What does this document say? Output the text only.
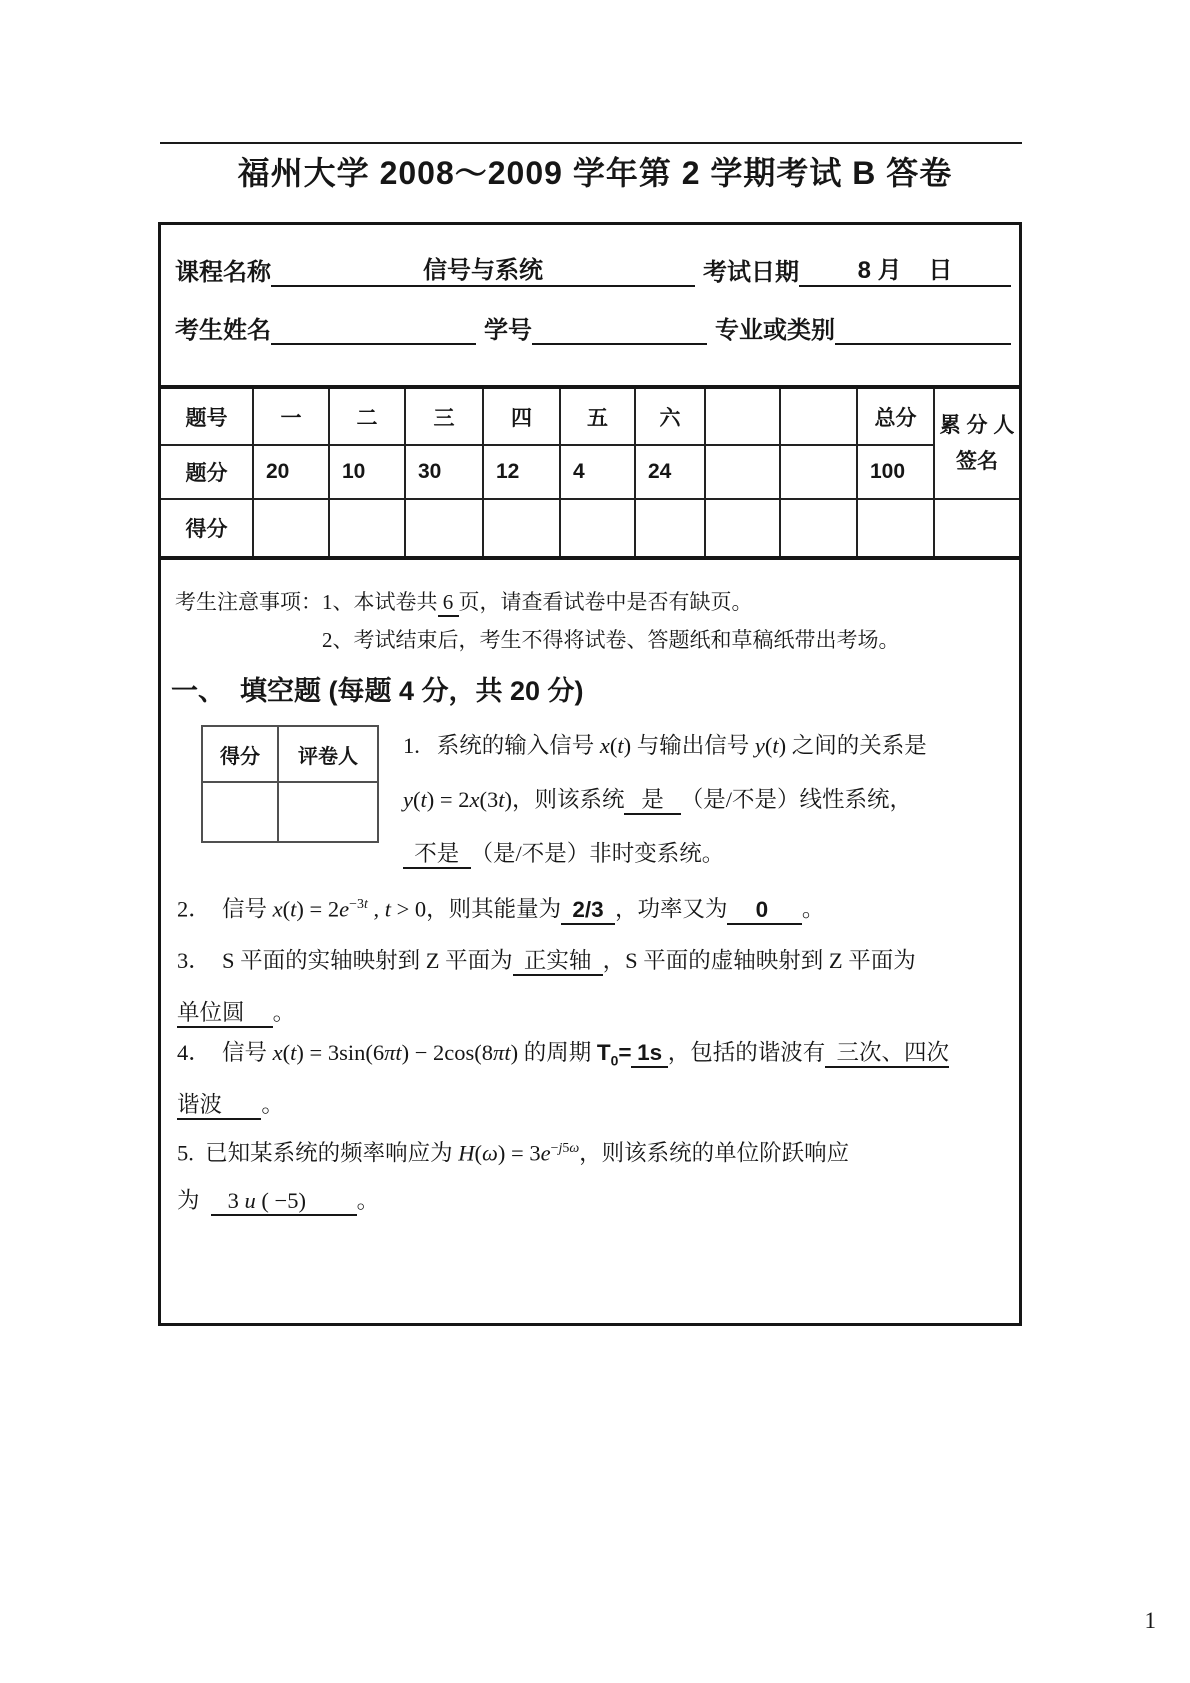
福州大学 2008～2009 学年第 2 学期考试 B 答卷
课程名称	信号与系统	考试日期	8 月    日
考生姓名	学号	专业或类别
题号	一	二	三	四	五	六			总分	累 分 人
签名

题分	20	10	30	12	4	24			100	
得分										
考生注意事项： 1、本试卷共 6 页，请查看试卷中是否有缺页。
2、考试结束后，考生不得将试卷、答题纸和草稿纸带出考场。
一、  填空题 (每题 4 分，共 20 分)
得分	评卷人
	1.   系统的输入信号 x(t) 与输出信号 y(t) 之间的关系是
y(t) = 2x(3t)，则该系统   是   （是/不是）线性系统，
不是  （是/不是）非时变系统。
2．  信号 $x(t) = 2e^{-3t}$ , t > 0，则其能量为 2/3 ，功率又为 0 。
3．  S 平面的实轴映射到 Z 平面为  正实轴  ，S 平面的虚轴映射到 Z 平面为
单位圆     。
4．  信号 x(t) = 3sin(6πt) − 2cos(8πt) 的周期 $T_0= 1s$ ，包括的谐波有  三次、四次
谐波       。
5.  已知某系统的频率响应为 $H(\omega) = 3e^{-j5\omega}$，则该系统的单位阶跃响应
为     3 u ( −5)         。
1
